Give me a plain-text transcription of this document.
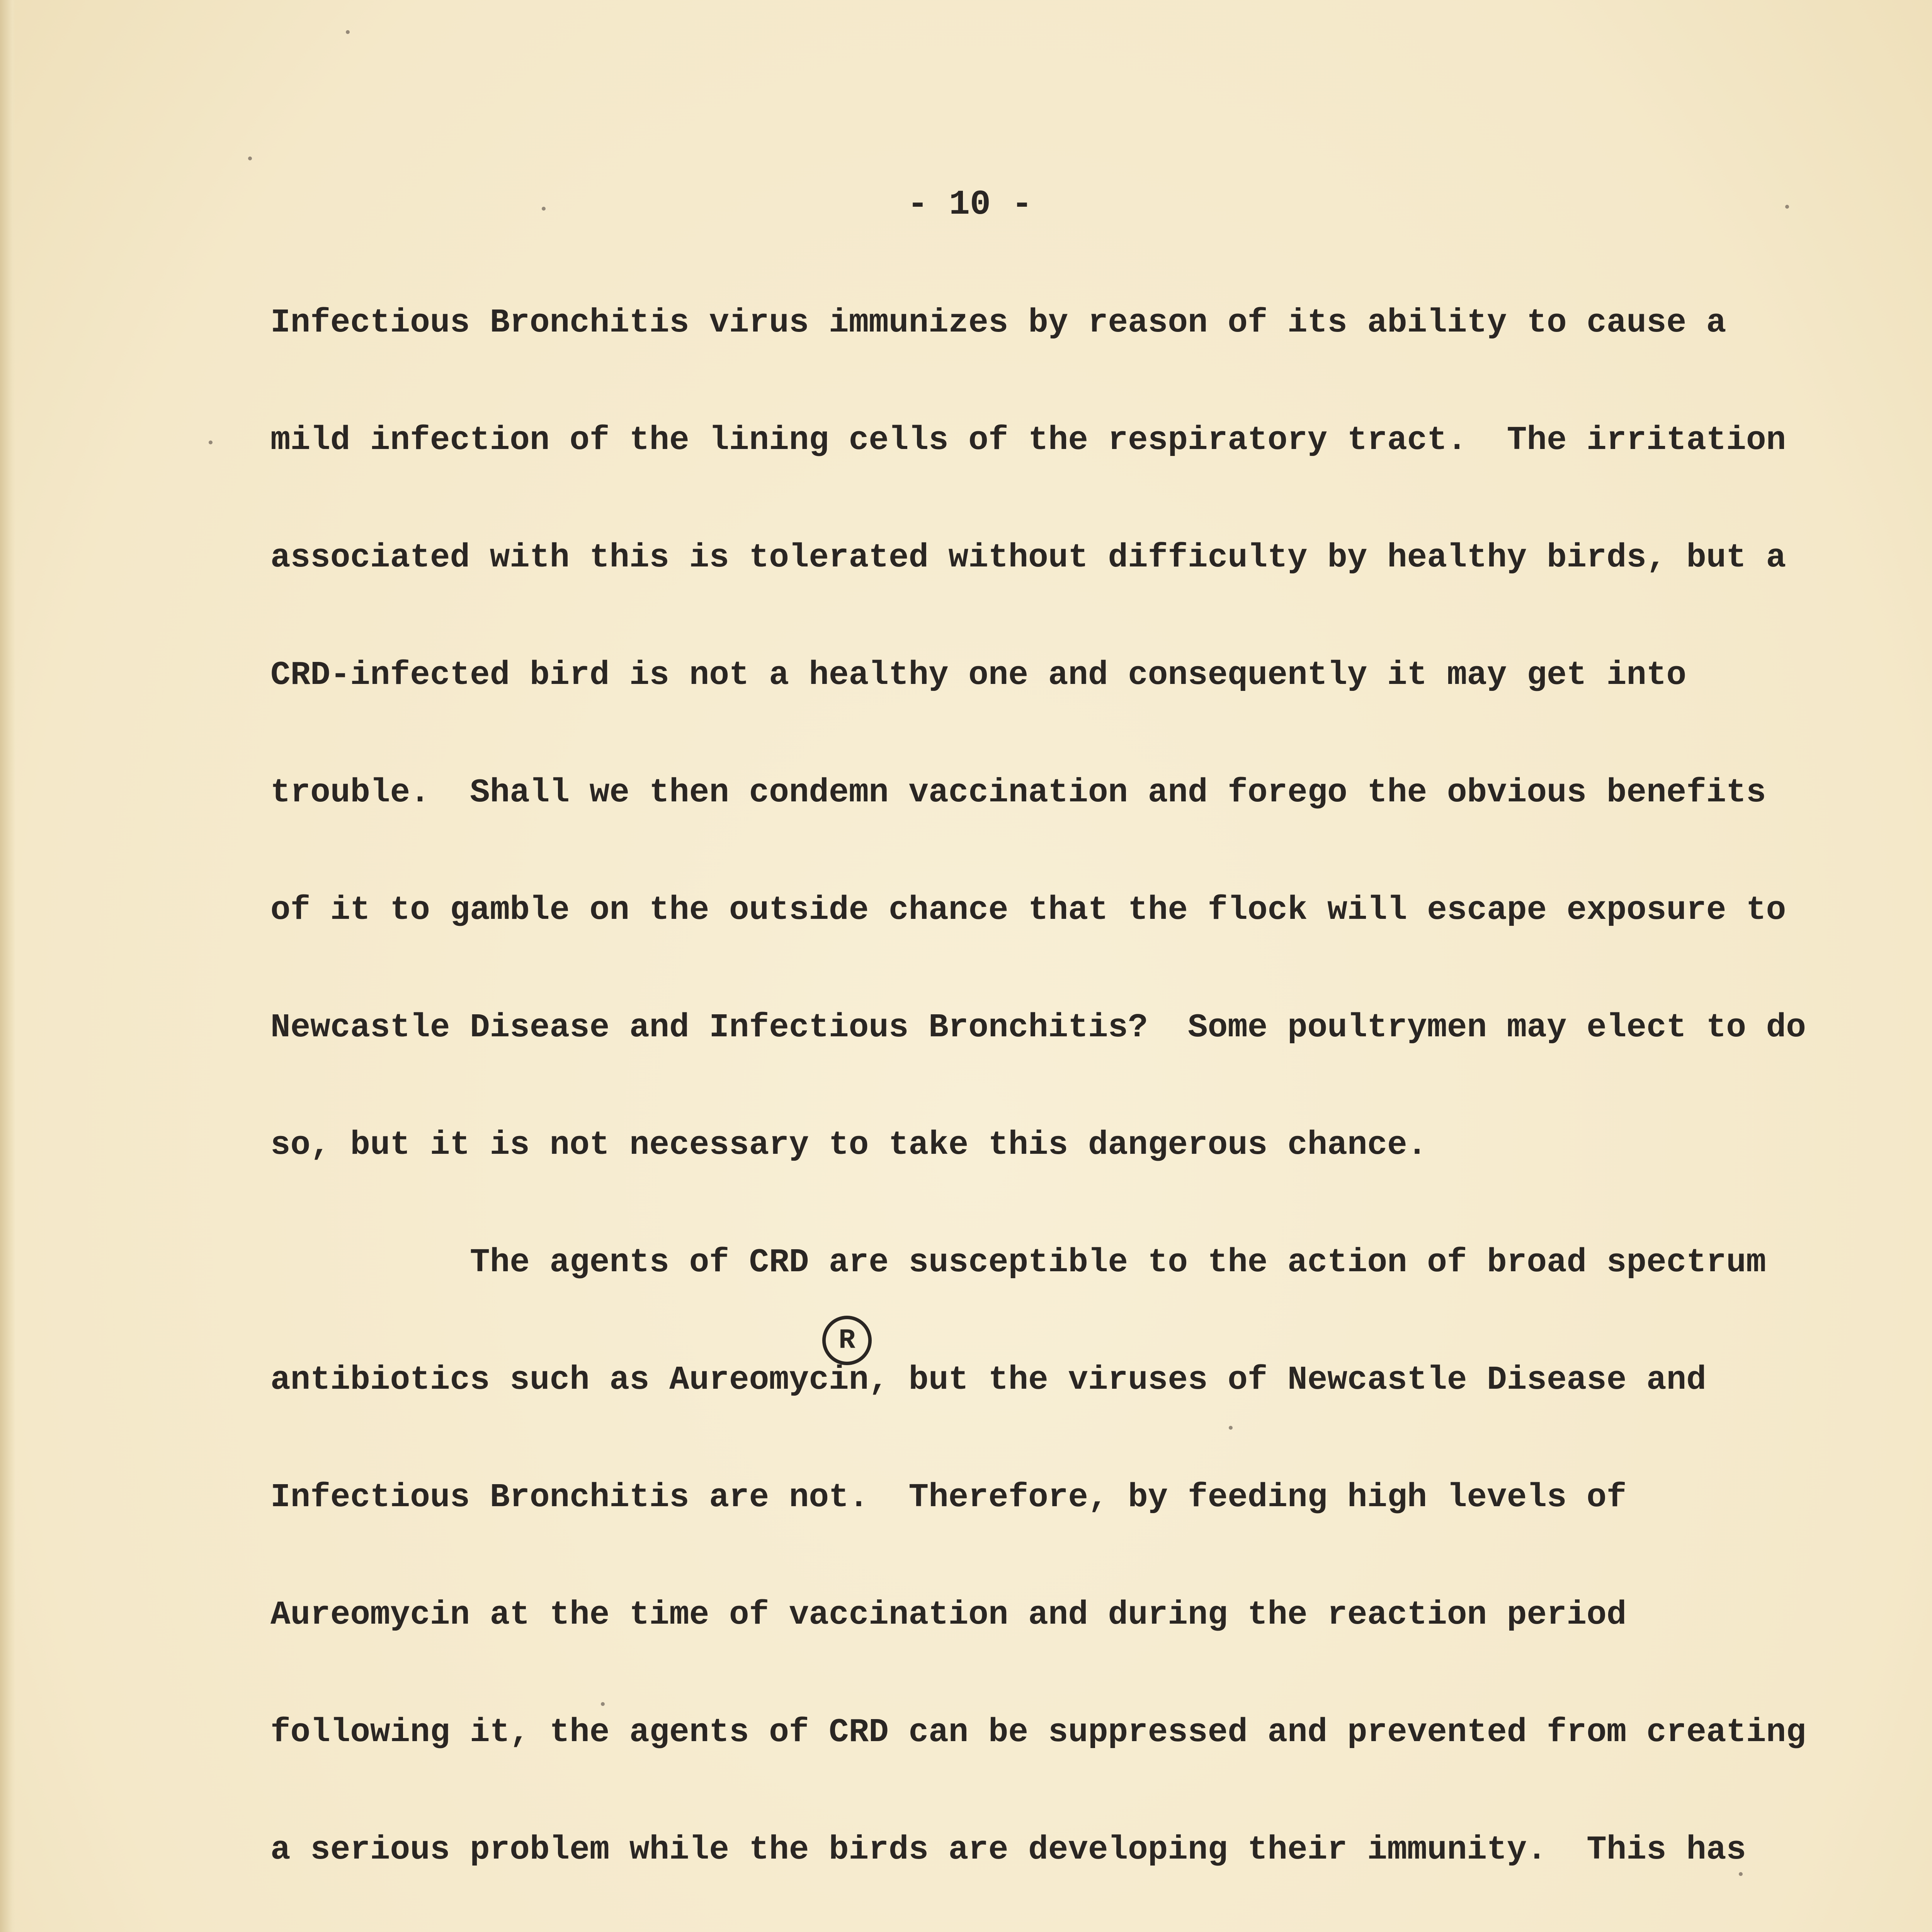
- 10 -
Infectious Bronchitis virus immunizes by reason of its ability to cause a
mild infection of the lining cells of the respiratory tract.  The irritation
associated with this is tolerated without difficulty by healthy birds, but a
CRD-infected bird is not a healthy one and consequently it may get into
trouble.  Shall we then condemn vaccination and forego the obvious benefits
of it to gamble on the outside chance that the flock will escape exposure to
Newcastle Disease and Infectious Bronchitis?  Some poultrymen may elect to do
so, but it is not necessary to take this dangerous chance.
The agents of CRD are susceptible to the action of broad spectrum
R
antibiotics such as Aureomycin, but the viruses of Newcastle Disease and
Infectious Bronchitis are not.  Therefore, by feeding high levels of
Aureomycin at the time of vaccination and during the reaction period
following it, the agents of CRD can be suppressed and prevented from creating
a serious problem while the birds are developing their immunity.  This has
